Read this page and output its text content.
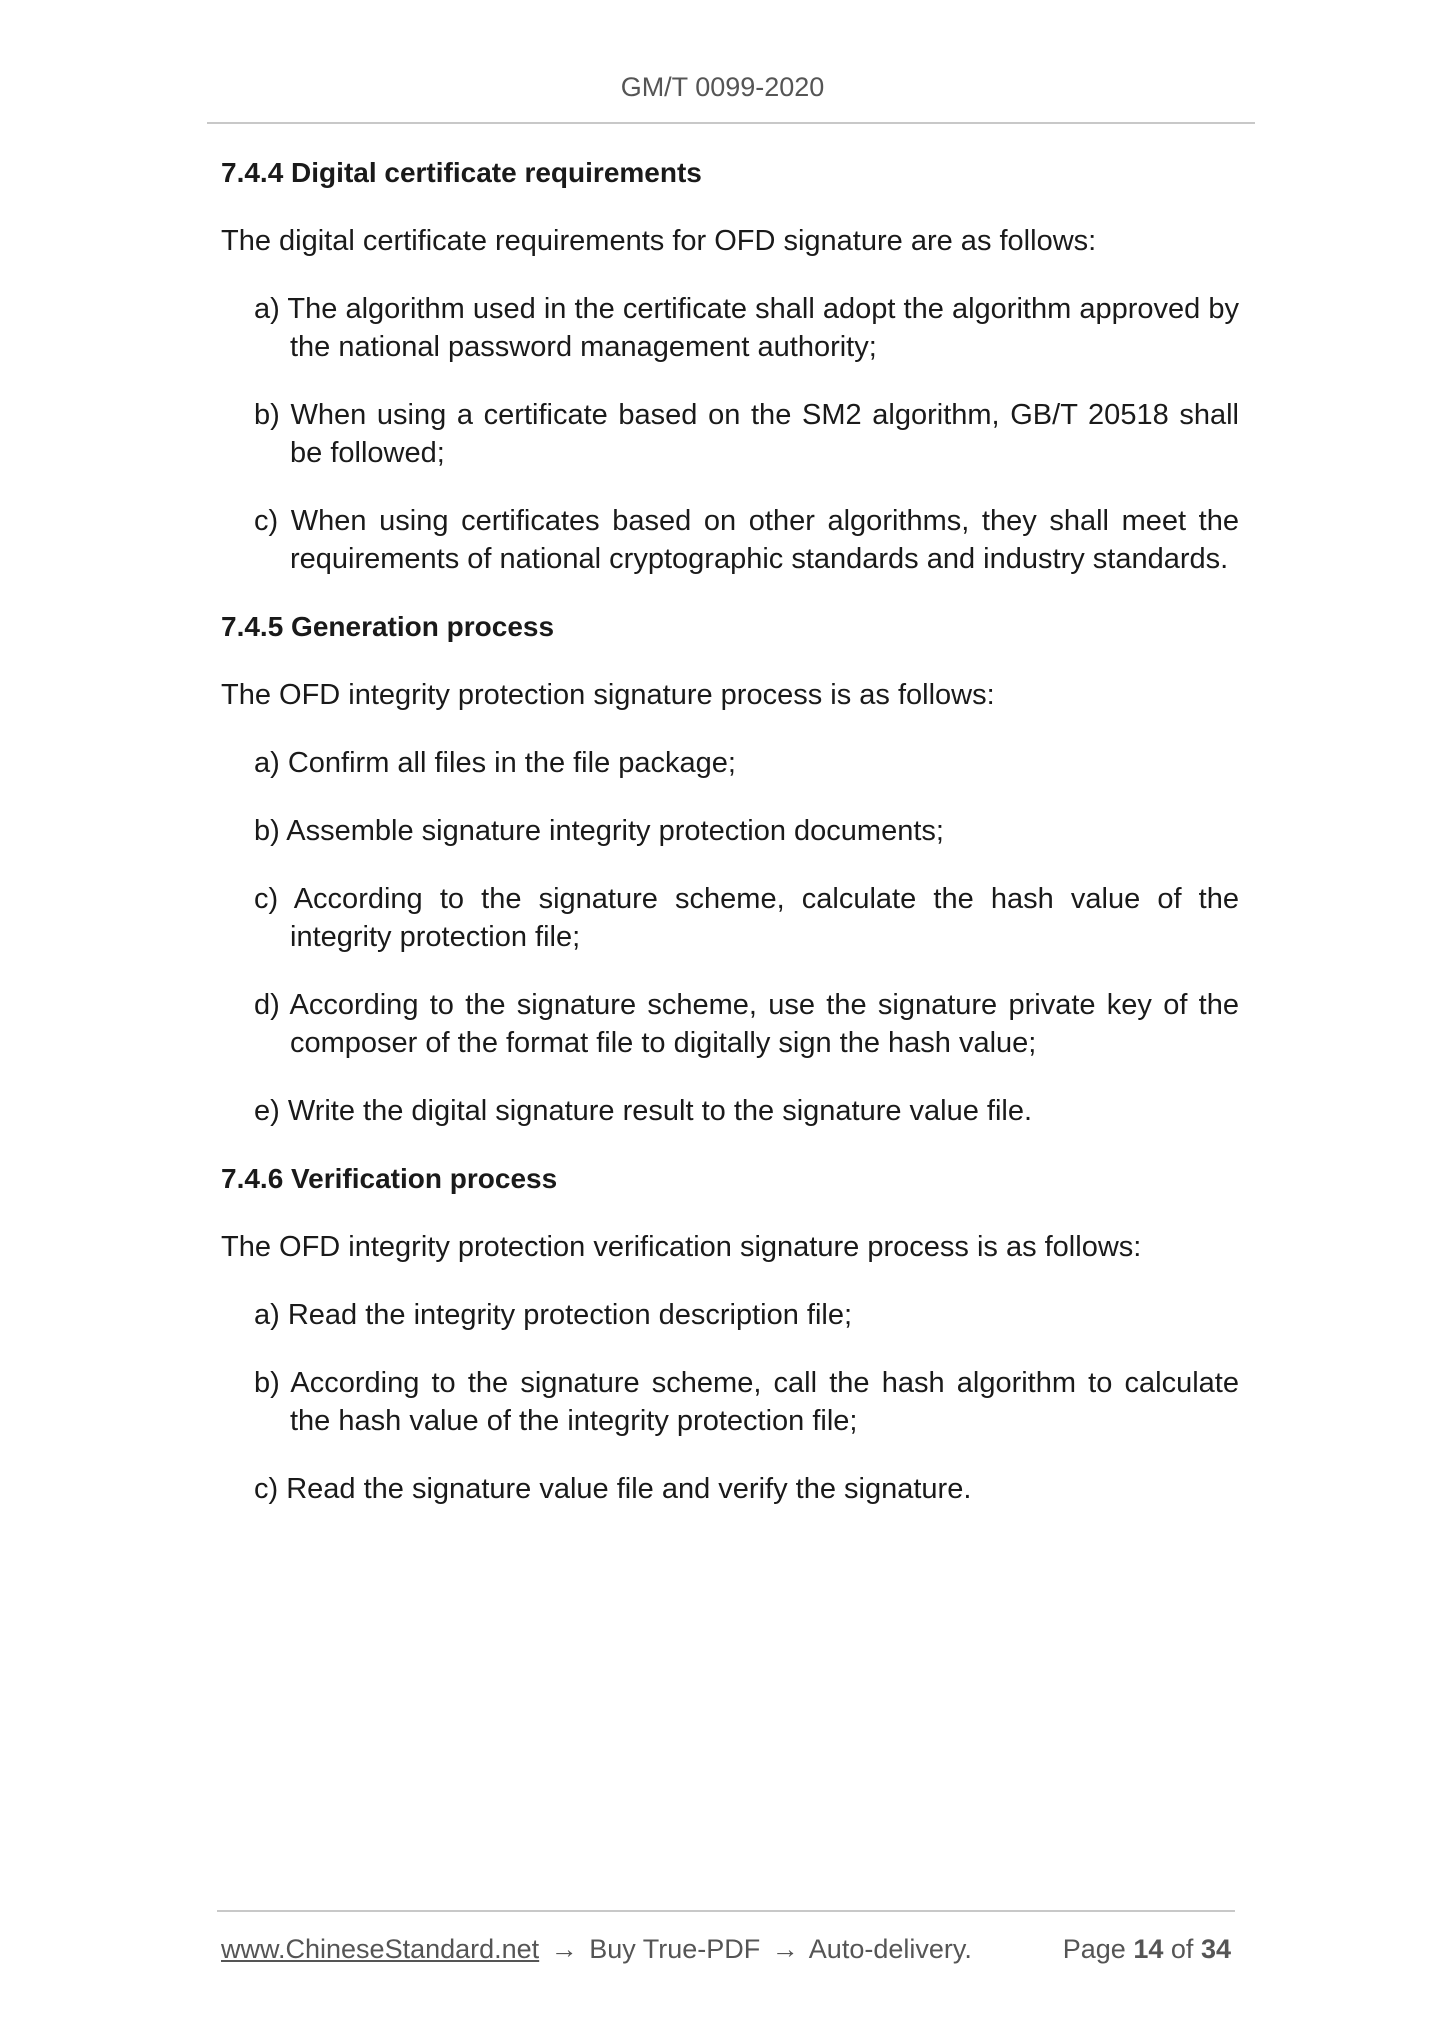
GM/T 0099-2020
7.4.4 Digital certificate requirements
The digital certificate requirements for OFD signature are as follows:
a) The algorithm used in the certificate shall adopt the algorithm approved by the national password management authority;
b) When using a certificate based on the SM2 algorithm, GB/T 20518 shall be followed;
c) When using certificates based on other algorithms, they shall meet the requirements of national cryptographic standards and industry standards.
7.4.5 Generation process
The OFD integrity protection signature process is as follows:
a) Confirm all files in the file package;
b) Assemble signature integrity protection documents;
c) According to the signature scheme, calculate the hash value of the integrity protection file;
d) According to the signature scheme, use the signature private key of the composer of the format file to digitally sign the hash value;
e) Write the digital signature result to the signature value file.
7.4.6 Verification process
The OFD integrity protection verification signature process is as follows:
a) Read the integrity protection description file;
b) According to the signature scheme, call the hash algorithm to calculate the hash value of the integrity protection file;
c) Read the signature value file and verify the signature.
www.ChineseStandard.net → Buy True-PDF → Auto-delivery.	Page 14 of 34
